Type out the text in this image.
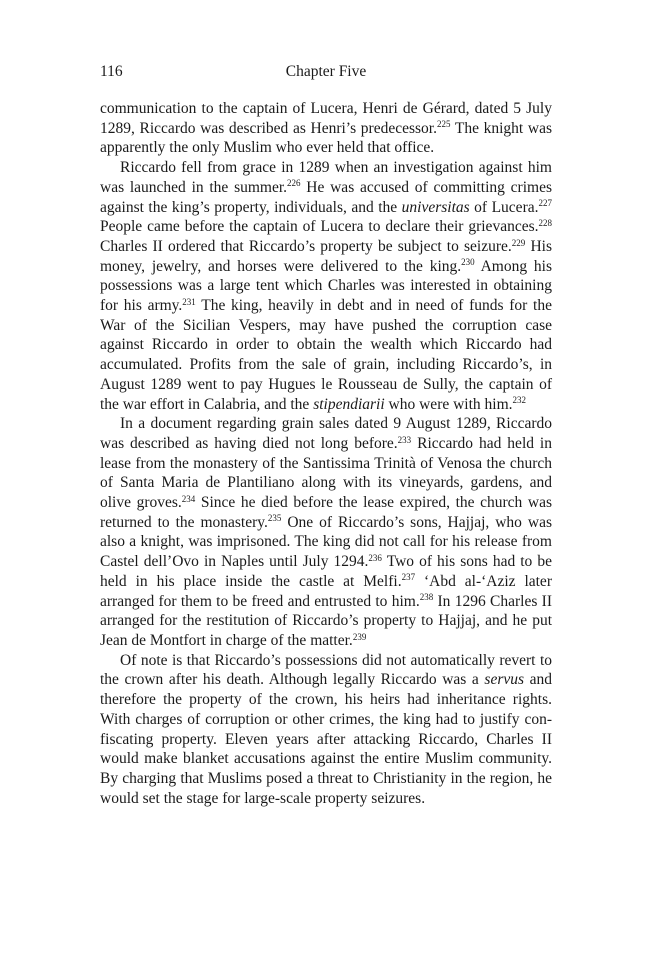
116	Chapter Five

communication to the captain of Lucera, Henri de Gérard, dated 5 July 1289, Riccardo was described as Henri’s predecessor.$^{225}$ The knight was apparently the only Muslim who ever held that office.

Riccardo fell from grace in 1289 when an investigation against him was launched in the summer.$^{226}$ He was accused of committing crimes against the king’s property, individuals, and the universitas of Lucera.$^{227}$ People came before the captain of Lucera to declare their grievances.$^{228}$ Charles II ordered that Riccardo’s property be subject to seizure.$^{229}$ His money, jewelry, and horses were delivered to the king.$^{230}$ Among his possessions was a large tent which Charles was interested in obtaining for his army.$^{231}$ The king, heavily in debt and in need of funds for the War of the Sicilian Vespers, may have pushed the corruption case against Riccardo in order to obtain the wealth which Riccardo had accumulated. Profits from the sale of grain, including Riccardo’s, in August 1289 went to pay Hugues le Rousseau de Sully, the captain of the war effort in Calabria, and the stipendiarii who were with him.$^{232}$

In a document regarding grain sales dated 9 August 1289, Riccardo was described as having died not long before.$^{233}$ Riccardo had held in lease from the monastery of the Santissima Trinità of Venosa the church of Santa Maria de Plantiliano along with its vineyards, gardens, and olive groves.$^{234}$ Since he died before the lease expired, the church was returned to the monastery.$^{235}$ One of Riccardo’s sons, Hajjaj, who was also a knight, was imprisoned. The king did not call for his release from Castel dell’Ovo in Naples until July 1294.$^{236}$ Two of his sons had to be held in his place inside the castle at Melfi.$^{237}$ ‘Abd al-‘Aziz later arranged for them to be freed and entrusted to him.$^{238}$ In 1296 Charles II arranged for the restitution of Riccardo’s property to Hajjaj, and he put Jean de Montfort in charge of the matter.$^{239}$

Of note is that Riccardo’s possessions did not automatically revert to the crown after his death. Although legally Riccardo was a servus and therefore the property of the crown, his heirs had inheritance rights. With charges of corruption or other crimes, the king had to justify confiscating property. Eleven years after attacking Riccardo, Charles II would make blanket accusations against the entire Muslim community. By charging that Muslims posed a threat to Christianity in the region, he would set the stage for large-scale property seizures.
